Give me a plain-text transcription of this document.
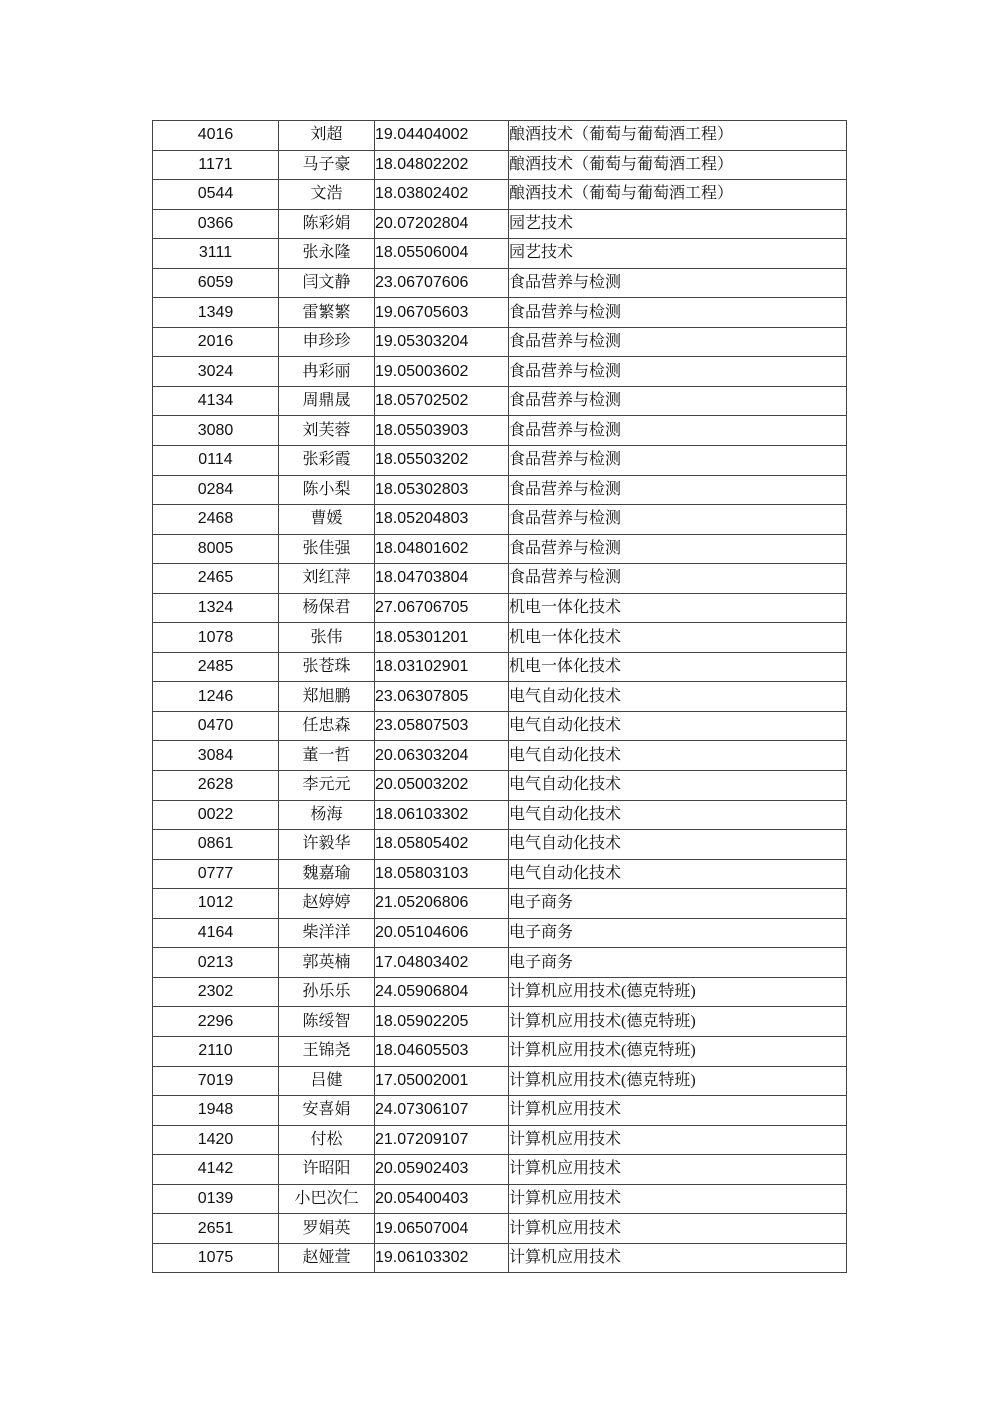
4016	刘超	19.04404002	酿酒技术（葡萄与葡萄酒工程）
1171	马子豪	18.04802202	酿酒技术（葡萄与葡萄酒工程）
0544	文浩	18.03802402	酿酒技术（葡萄与葡萄酒工程）
0366	陈彩娟	20.07202804	园艺技术
3111	张永隆	18.05506004	园艺技术
6059	闫文静	23.06707606	食品营养与检测
1349	雷繁繁	19.06705603	食品营养与检测
2016	申珍珍	19.05303204	食品营养与检测
3024	冉彩丽	19.05003602	食品营养与检测
4134	周鼎晟	18.05702502	食品营养与检测
3080	刘芙蓉	18.05503903	食品营养与检测
0114	张彩霞	18.05503202	食品营养与检测
0284	陈小梨	18.05302803	食品营养与检测
2468	曹媛	18.05204803	食品营养与检测
8005	张佳强	18.04801602	食品营养与检测
2465	刘红萍	18.04703804	食品营养与检测
1324	杨保君	27.06706705	机电一体化技术
1078	张伟	18.05301201	机电一体化技术
2485	张苍珠	18.03102901	机电一体化技术
1246	郑旭鹏	23.06307805	电气自动化技术
0470	任忠森	23.05807503	电气自动化技术
3084	董一哲	20.06303204	电气自动化技术
2628	李元元	20.05003202	电气自动化技术
0022	杨海	18.06103302	电气自动化技术
0861	许毅华	18.05805402	电气自动化技术
0777	魏嘉瑜	18.05803103	电气自动化技术
1012	赵婷婷	21.05206806	电子商务
4164	柴洋洋	20.05104606	电子商务
0213	郭英楠	17.04803402	电子商务
2302	孙乐乐	24.05906804	计算机应用技术(德克特班)
2296	陈绥智	18.05902205	计算机应用技术(德克特班)
2110	王锦尧	18.04605503	计算机应用技术(德克特班)
7019	吕健	17.05002001	计算机应用技术(德克特班)
1948	安喜娟	24.07306107	计算机应用技术
1420	付松	21.07209107	计算机应用技术
4142	许昭阳	20.05902403	计算机应用技术
0139	小巴次仁	20.05400403	计算机应用技术
2651	罗娟英	19.06507004	计算机应用技术
1075	赵娅萱	19.06103302	计算机应用技术
